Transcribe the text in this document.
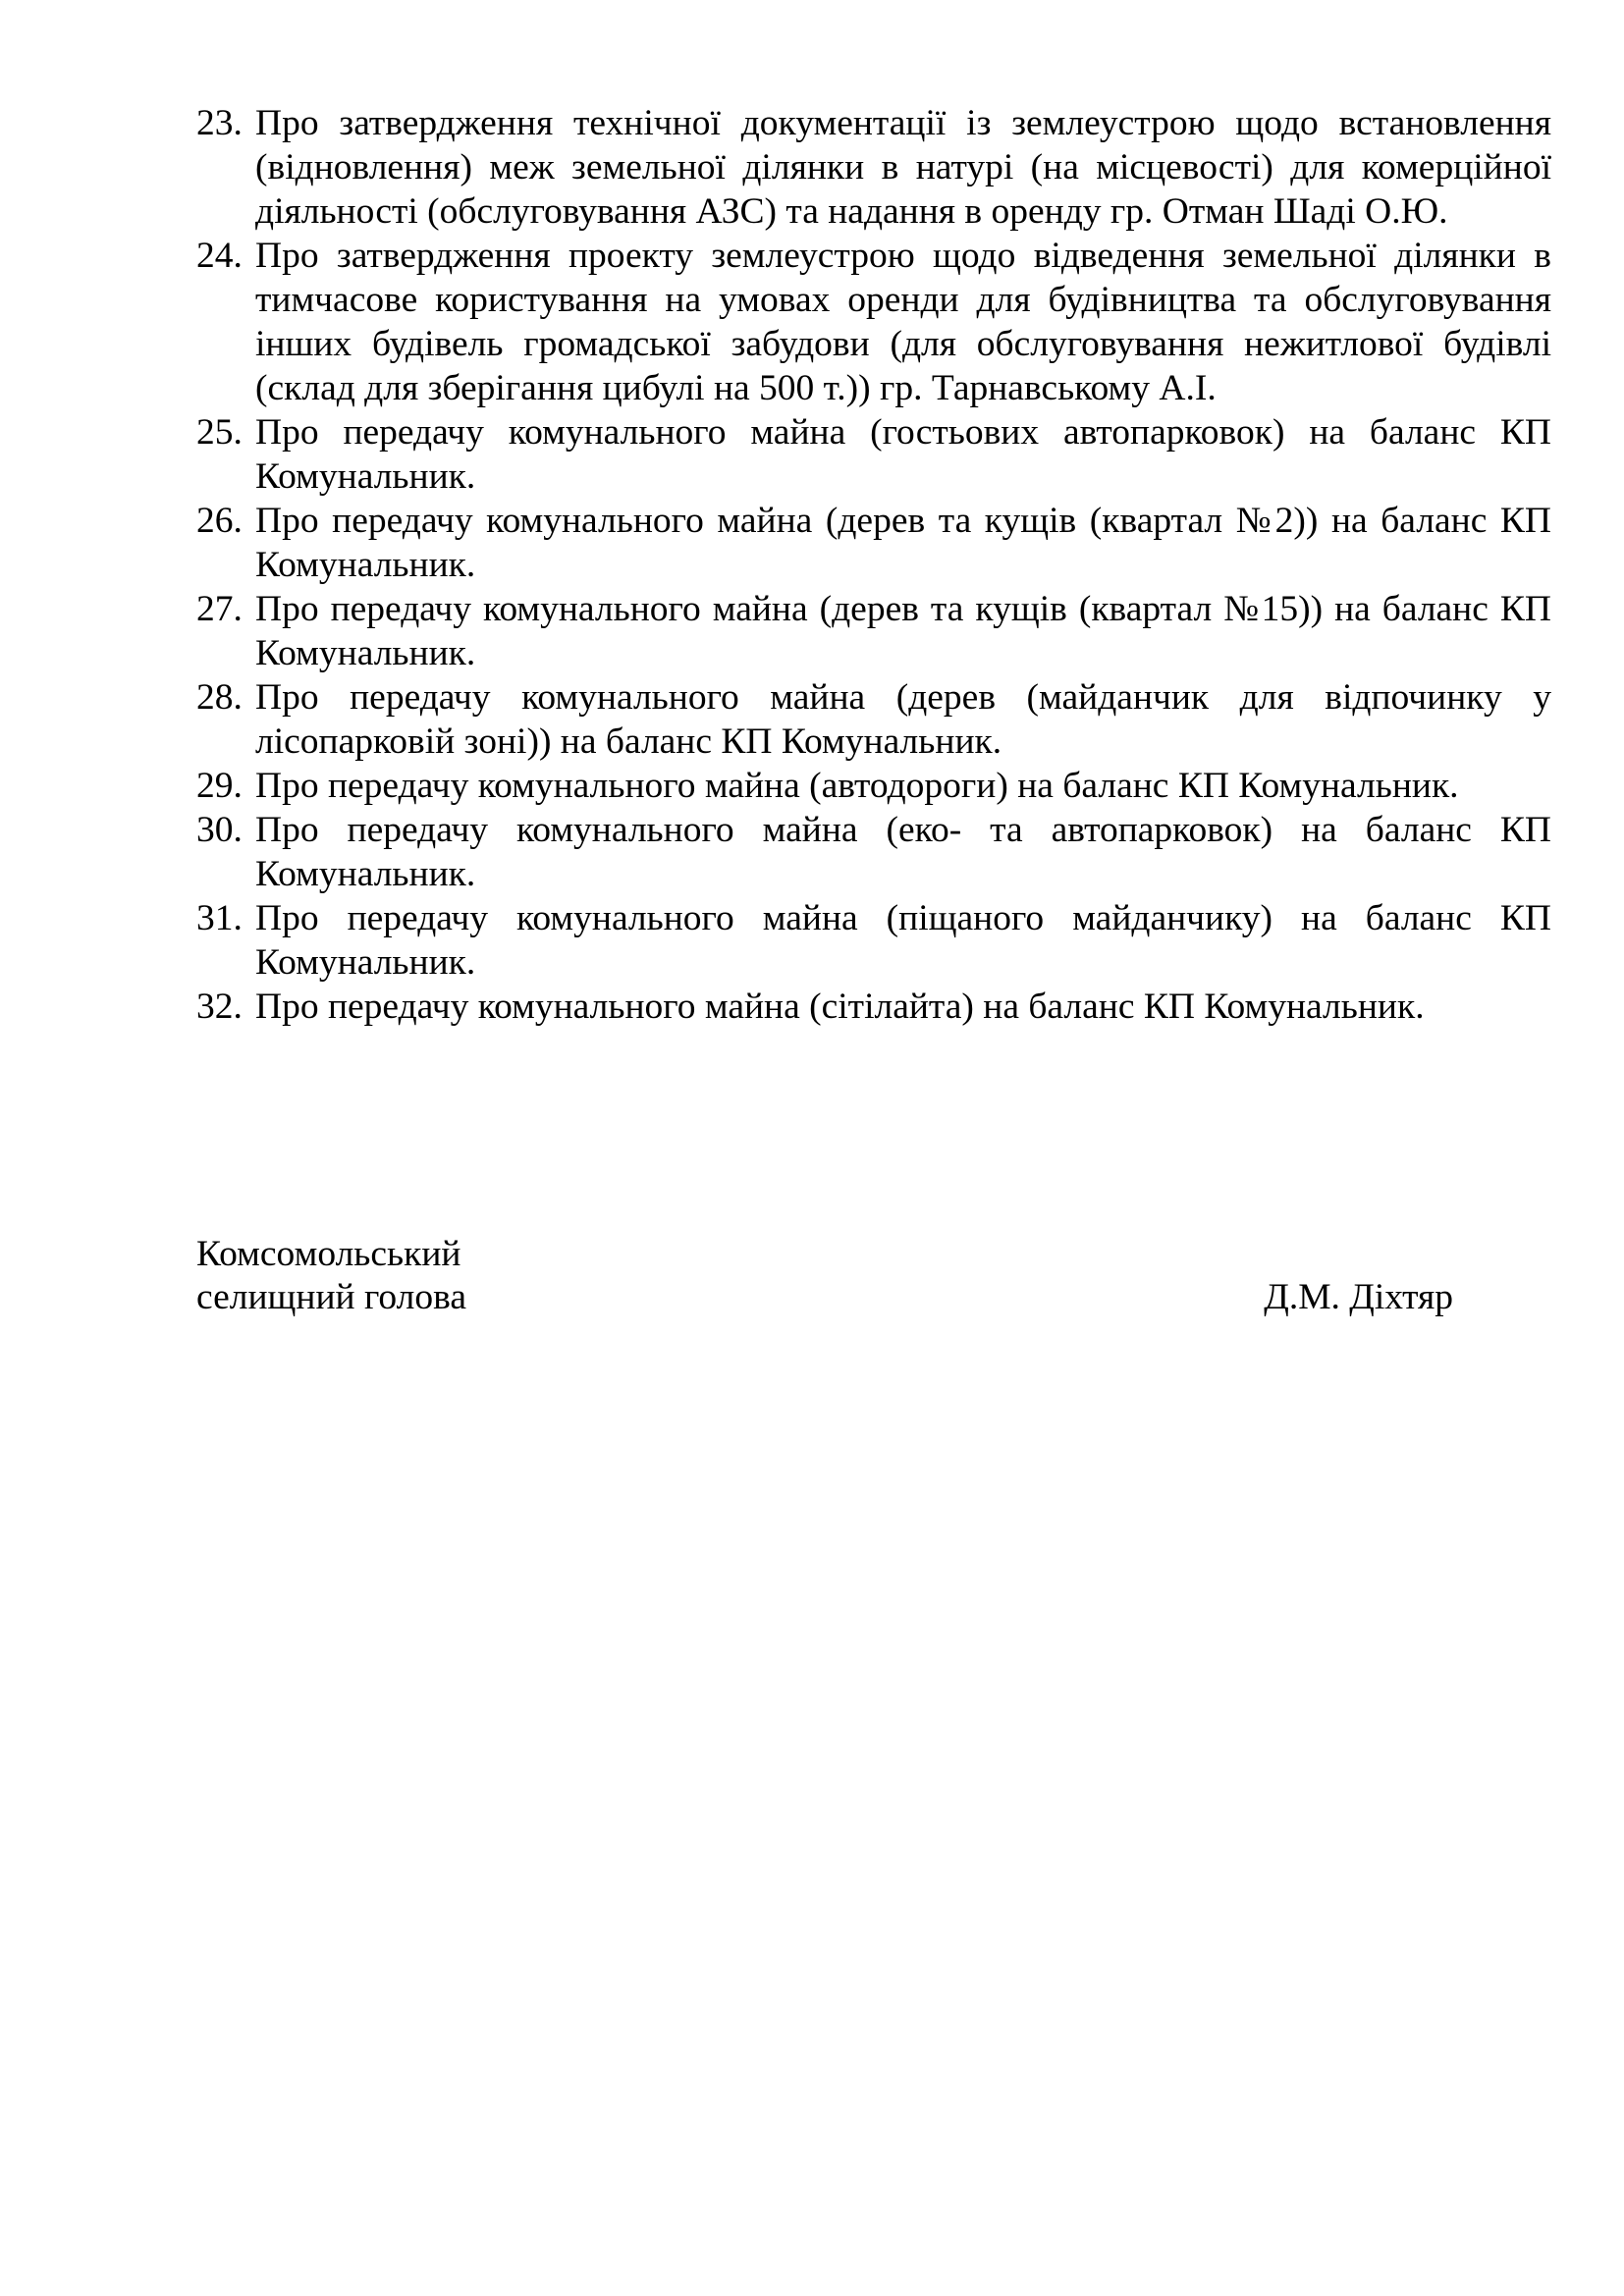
23. Про затвердження технічної документації із землеустрою щодо встановлення (відновлення) меж земельної ділянки в натурі (на місцевості) для комерційної діяльності (обслуговування АЗС) та надання в оренду гр. Отман Шаді О.Ю.
24. Про затвердження проекту землеустрою щодо відведення земельної ділянки в тимчасове користування на умовах оренди для будівництва та обслуговування інших будівель громадської забудови (для обслуговування нежитлової будівлі (склад для зберігання цибулі на 500 т.)) гр. Тарнавському А.І.
25. Про передачу комунального майна (гостьових автопарковок) на баланс КП Комунальник.
26. Про передачу комунального майна (дерев та кущів (квартал №2)) на баланс КП Комунальник.
27. Про передачу комунального майна (дерев та кущів (квартал №15)) на баланс КП Комунальник.
28. Про передачу комунального майна (дерев (майданчик для відпочинку у лісопарковій зоні)) на баланс КП Комунальник.
29. Про передачу комунального майна (автодороги) на баланс КП Комунальник.
30. Про передачу комунального майна (еко- та автопарковок) на баланс КП Комунальник.
31. Про передачу комунального майна (піщаного майданчику) на баланс КП Комунальник.
32. Про передачу комунального майна (сітілайта) на баланс КП Комунальник.
Комсомольський
селищний голова	Д.М. Діхтяр
